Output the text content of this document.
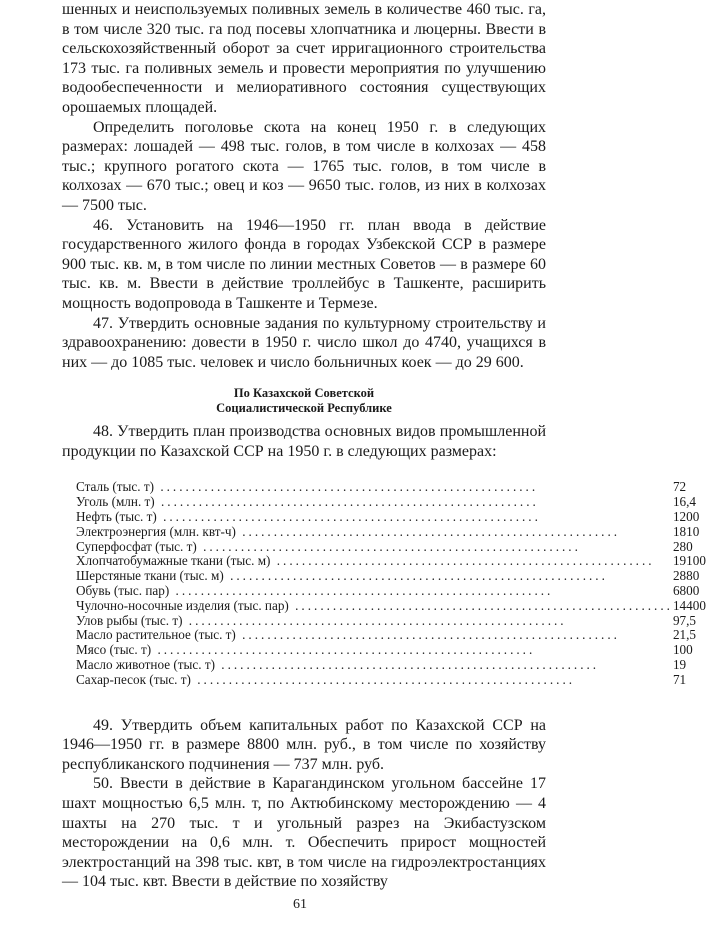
шенных и неиспользуемых поливных земель в количестве 460 тыс. га, в том числе 320 тыс. га под посевы хлопчатника и люцерны. Ввести в сельскохозяйственный оборот за счет ирригационного строительства 173 тыс. га поливных земель и провести мероприятия по улучшению водообеспеченности и мелиоративного состояния существующих орошаемых площадей.

Определить поголовье скота на конец 1950 г. в следующих размерах: лошадей — 498 тыс. голов, в том числе в колхозах — 458 тыс.; крупного рогатого скота — 1765 тыс. голов, в том числе в колхозах — 670 тыс.; овец и коз — 9650 тыс. голов, из них в колхозах — 7500 тыс.

46. Установить на 1946—1950 гг. план ввода в действие государственного жилого фонда в городах Узбекской ССР в размере 900 тыс. кв. м, в том числе по линии местных Советов — в размере 60 тыс. кв. м. Ввести в действие троллейбус в Ташкенте, расширить мощность водопровода в Ташкенте и Термезе.

47. Утвердить основные задания по культурному строительству и здравоохранению: довести в 1950 г. число школ до 4740, учащихся в них — до 1085 тыс. человек и число больничных коек — до 29 600.

По Казахской Советской
Социалистической Республике

48. Утвердить план производства основных видов промышленной продукции по Казахской ССР на 1950 г. в следующих размерах:

Сталь (тыс. т) ............................................................	72
Уголь (млн. т) ............................................................	16,4
Нефть (тыс. т) ............................................................	1200
Электроэнергия (млн. квт-ч) ............................................................	1810
Суперфосфат (тыс. т) ............................................................	280
Хлопчатобумажные ткани (тыс. м) ............................................................	19100
Шерстяные ткани (тыс. м) ............................................................	2880
Обувь (тыс. пар) ............................................................	6800
Чулочно-носочные изделия (тыс. пар) ............................................................	14400
Улов рыбы (тыс. т) ............................................................	97,5
Масло растительное (тыс. т) ............................................................	21,5
Мясо (тыс. т) ............................................................	100
Масло животное (тыс. т) ............................................................	19
Сахар-песок (тыс. т) ............................................................	71

49. Утвердить объем капитальных работ по Казахской ССР на 1946—1950 гг. в размере 8800 млн. руб., в том числе по хозяйству республиканского подчинения — 737 млн. руб.

50. Ввести в действие в Карагандинском угольном бассейне 17 шахт мощностью 6,5 млн. т, по Актюбинскому месторождению — 4 шахты на 270 тыс. т и угольный разрез на Экибастузском месторождении на 0,6 млн. т. Обеспечить прирост мощностей электростанций на 398 тыс. квт, в том числе на гидроэлектростанциях — 104 тыс. квт. Ввести в действие по хозяйству

61
